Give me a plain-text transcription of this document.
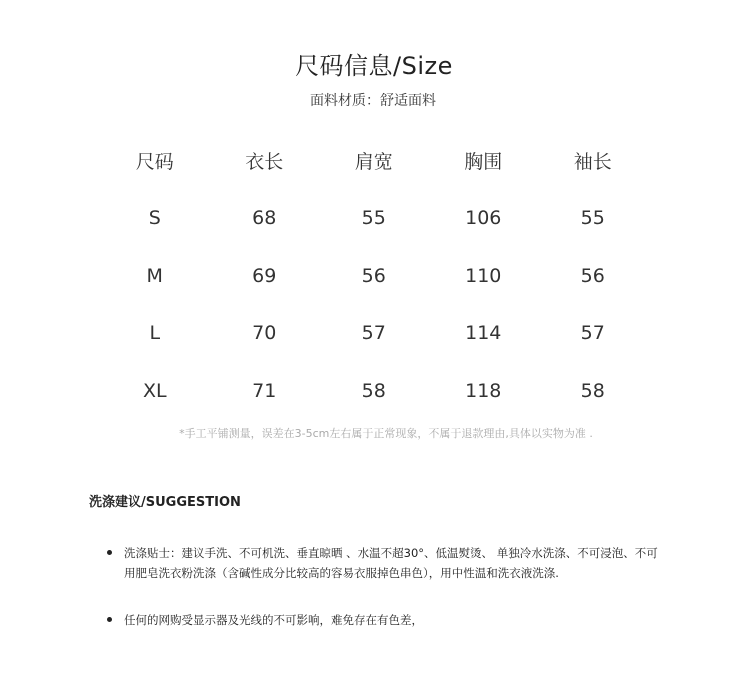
尺码信息/Size
面料材质：舒适面料
尺码	衣长	肩宽	胸围	袖长
S	68	55	106	55
M	69	56	110	56
L	70	57	114	57
XL	71	58	118	58
*手工平铺测量，误差在3-5cm左右属于正常现象，不属于退款理由,具体以实物为准 .
洗涤建议/SUGGESTION
洗涤贴士：建议手洗、不可机洗、垂直晾晒 、水温不超30°、低温熨烫、 单独冷水洗涤、不可浸泡、不可用肥皂洗衣粉洗涤（含碱性成分比较高的容易衣服掉色串色），用中性温和洗衣液洗涤.
任何的网购受显示器及光线的不可影响，难免存在有色差，
